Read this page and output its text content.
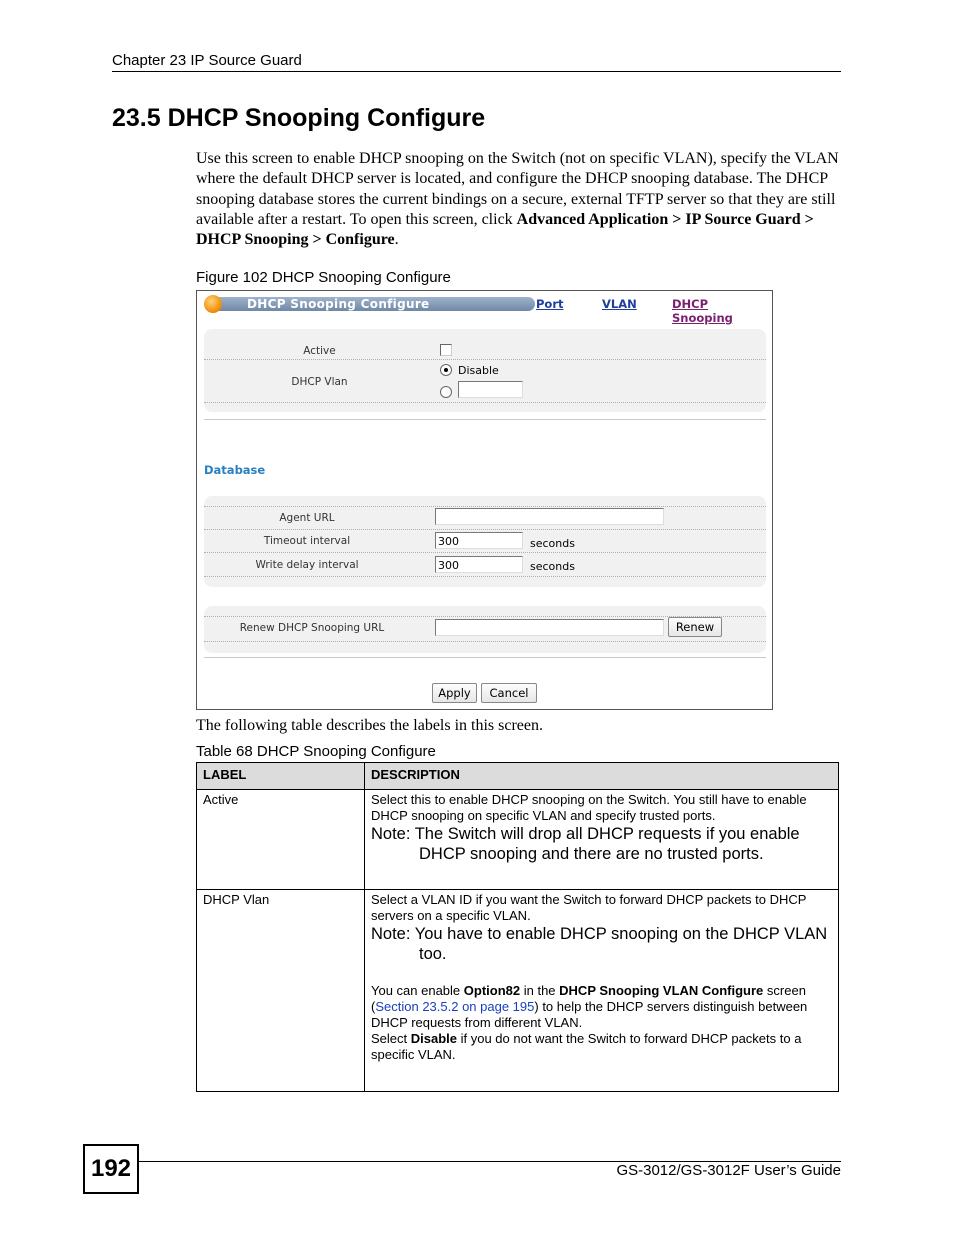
Chapter 23 IP Source Guard
23.5 DHCP Snooping Configure
Use this screen to enable DHCP snooping on the Switch (not on specific VLAN), specify the VLAN where the default DHCP server is located, and configure the DHCP snooping database. The DHCP snooping database stores the current bindings on a secure, external TFTP server so that they are still available after a restart. To open this screen, click Advanced Application > IP Source Guard > DHCP Snooping > Configure.
Figure 102 DHCP Snooping Configure
DHCP Snooping Configure	Port	VLAN	DHCP Snooping
Active
DHCP Vlan
Disable
Database
Agent URL
Timeout interval	300	seconds
Write delay interval	300	seconds
Renew DHCP Snooping URL	Renew
Apply	Cancel
The following table describes the labels in this screen.
Table 68 DHCP Snooping Configure
LABEL	DESCRIPTION
Active	Select this to enable DHCP snooping on the Switch. You still have to enable DHCP snooping on specific VLAN and specify trusted ports.

Note: The Switch will drop all DHCP requests if you enable DHCP snooping and there are no trusted ports.

DHCP Vlan	Select a VLAN ID if you want the Switch to forward DHCP packets to DHCP servers on a specific VLAN.

Note: You have to enable DHCP snooping on the DHCP VLAN too.

You can enable Option82 in the DHCP Snooping VLAN Configure screen (Section 23.5.2 on page 195) to help the DHCP servers distinguish between DHCP requests from different VLAN.

Select Disable if you do not want the Switch to forward DHCP packets to a specific VLAN.

192	GS-3012/GS-3012F User’s Guide
